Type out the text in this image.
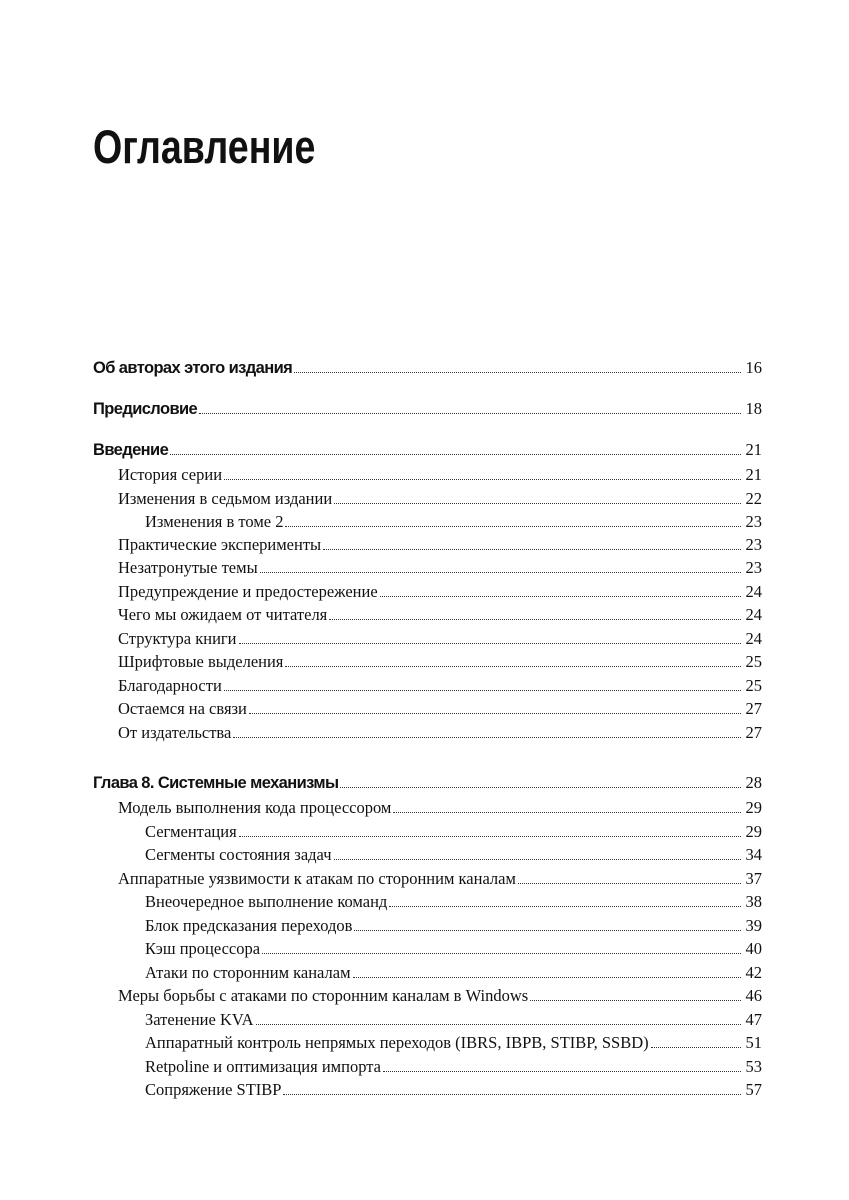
Оглавление
Об авторах этого издания	16
Предисловие	18
Введение	21
История серии	21
Изменения в седьмом издании	22
Изменения в томе 2	23
Практические эксперименты	23
Незатронутые темы	23
Предупреждение и предостережение	24
Чего мы ожидаем от читателя	24
Структура книги	24
Шрифтовые выделения	25
Благодарности	25
Остаемся на связи	27
От издательства	27
Глава 8. Системные механизмы	28
Модель выполнения кода процессором	29
Сегментация	29
Сегменты состояния задач	34
Аппаратные уязвимости к атакам по сторонним каналам	37
Внеочередное выполнение команд	38
Блок предсказания переходов	39
Кэш процессора	40
Атаки по сторонним каналам	42
Меры борьбы с атаками по сторонним каналам в Windows	46
Затенение KVA	47
Аппаратный контроль непрямых переходов (IBRS, IBPB, STIBP, SSBD)	51
Retpoline и оптимизация импорта	53
Сопряжение STIBP	57
